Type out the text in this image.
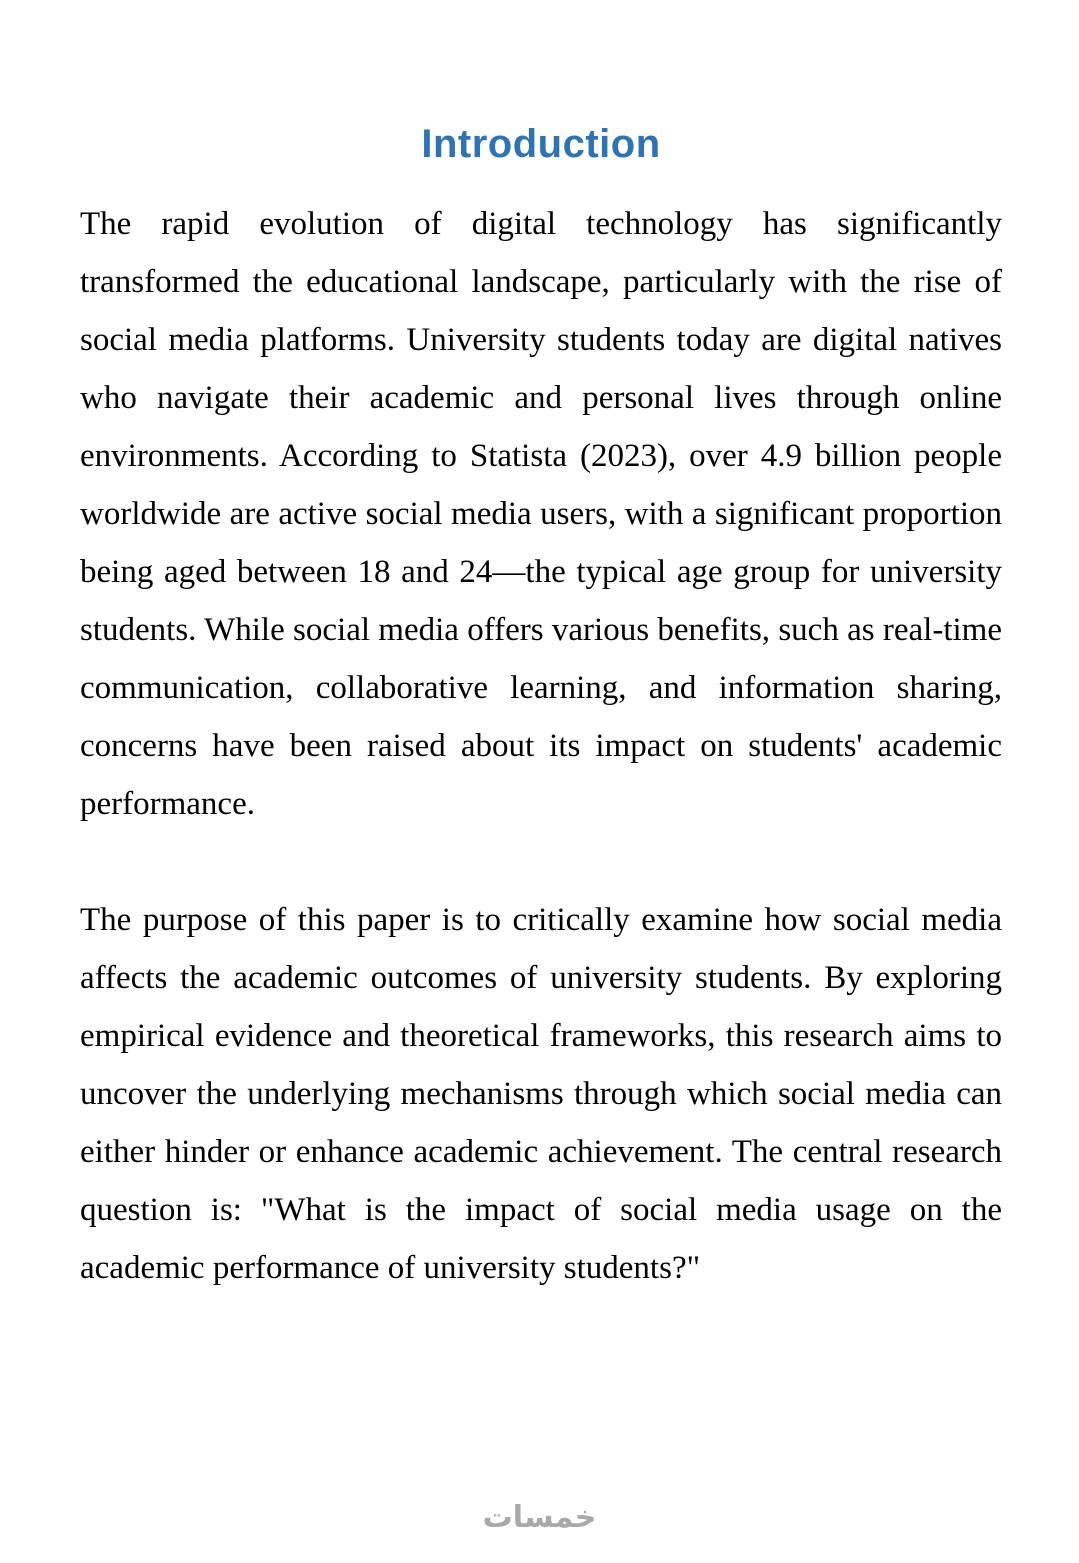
Introduction

The rapid evolution of digital technology has significantly transformed the educational landscape, particularly with the rise of social media platforms. University students today are digital natives who navigate their academic and personal lives through online environments. According to Statista (2023), over 4.9 billion people worldwide are active social media users, with a significant proportion being aged between 18 and 24—the typical age group for university students. While social media offers various benefits, such as real-time communication, collaborative learning, and information sharing, concerns have been raised about its impact on students' academic performance.

The purpose of this paper is to critically examine how social media affects the academic outcomes of university students. By exploring empirical evidence and theoretical frameworks, this research aims to uncover the underlying mechanisms through which social media can either hinder or enhance academic achievement. The central research question is: "What is the impact of social media usage on the academic performance of university students?"

خمسات
